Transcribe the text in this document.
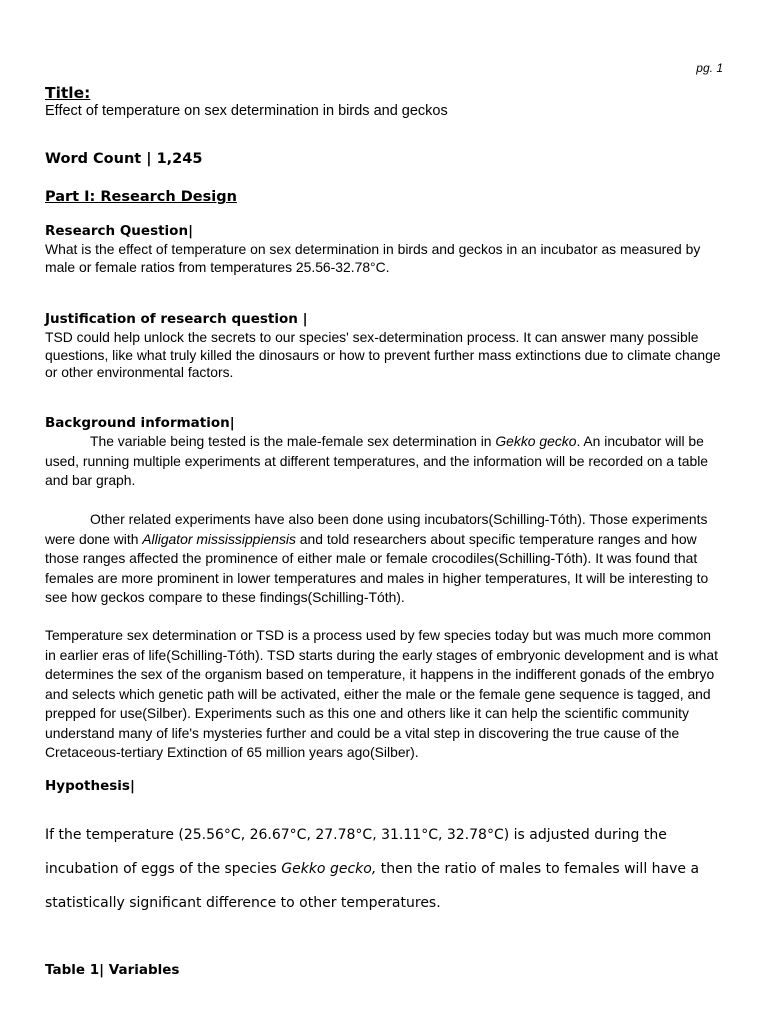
pg. 1
Title:
Effect of temperature on sex determination in birds and geckos
Word Count | 1,245
Part I: Research Design
Research Question|
What is the effect of temperature on sex determination in birds and geckos in an incubator as measured by male or female ratios from temperatures 25.56-32.78°C.
Justification of research question |
TSD could help unlock the secrets to our species' sex-determination process. It can answer many possible questions, like what truly killed the dinosaurs or how to prevent further mass extinctions due to climate change or other environmental factors.
Background information|
The variable being tested is the male-female sex determination in Gekko gecko. An incubator will be used, running multiple experiments at different temperatures, and the information will be recorded on a table and bar graph.
Other related experiments have also been done using incubators(Schilling-Tóth). Those experiments were done with Alligator mississippiensis and told researchers about specific temperature ranges and how those ranges affected the prominence of either male or female crocodiles(Schilling-Tóth). It was found that females are more prominent in lower temperatures and males in higher temperatures, It will be interesting to see how geckos compare to these findings(Schilling-Tóth).
Temperature sex determination or TSD is a process used by few species today but was much more common in earlier eras of life(Schilling-Tóth). TSD starts during the early stages of embryonic development and is what determines the sex of the organism based on temperature, it happens in the indifferent gonads of the embryo and selects which genetic path will be activated, either the male or the female gene sequence is tagged, and prepped for use(Silber). Experiments such as this one and others like it can help the scientific community understand many of life's mysteries further and could be a vital step in discovering the true cause of the Cretaceous-tertiary Extinction of 65 million years ago(Silber).
Hypothesis|
If the temperature (25.56°C, 26.67°C, 27.78°C, 31.11°C, 32.78°C) is adjusted during the incubation of eggs of the species Gekko gecko, then the ratio of males to females will have a statistically significant difference to other temperatures.
Table 1| Variables
